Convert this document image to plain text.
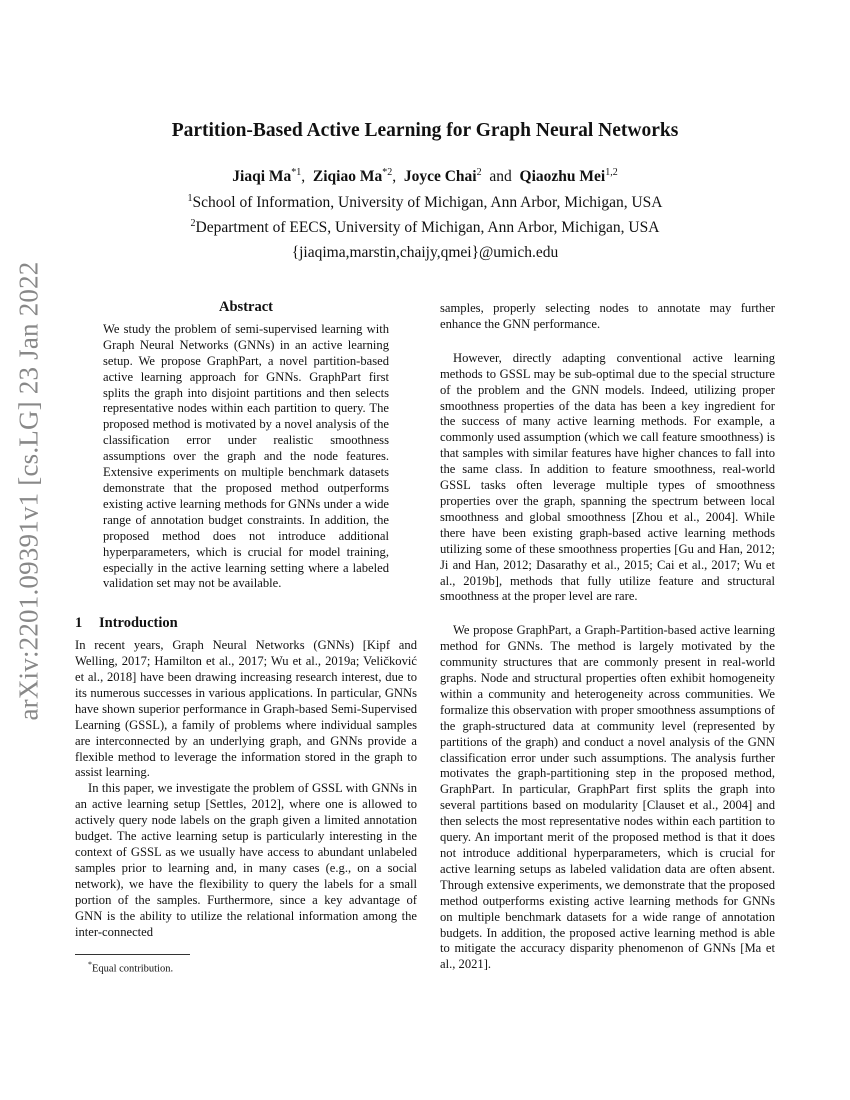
arXiv:2201.09391v1 [cs.LG] 23 Jan 2022
Partition-Based Active Learning for Graph Neural Networks
Jiaqi Ma$^{*1}$, Ziqiao Ma$^{*2}$, Joyce Chai$^2$ and Qiaozhu Mei$^{1,2}$
$^1$School of Information, University of Michigan, Ann Arbor, Michigan, USA
$^2$Department of EECS, University of Michigan, Ann Arbor, Michigan, USA
{jiaqima,marstin,chaijy,qmei}@umich.edu
Abstract

We study the problem of semi-supervised learning with Graph Neural Networks (GNNs) in an active learning setup. We propose GraphPart, a novel partition-based active learning approach for GNNs. GraphPart first splits the graph into disjoint partitions and then selects representative nodes within each partition to query. The proposed method is motivated by a novel analysis of the classification error under realistic smoothness assumptions over the graph and the node features. Extensive experiments on multiple benchmark datasets demonstrate that the proposed method outperforms existing active learning methods for GNNs under a wide range of annotation budget constraints. In addition, the proposed method does not introduce additional hyperparameters, which is crucial for model training, especially in the active learning setting where a labeled validation set may not be available.

1 Introduction

In recent years, Graph Neural Networks (GNNs) [Kipf and Welling, 2017; Hamilton et al., 2017; Wu et al., 2019a; Veličković et al., 2018] have been drawing increasing research interest, due to its numerous successes in various applications. In particular, GNNs have shown superior performance in Graph-based Semi-Supervised Learning (GSSL), a family of problems where individual samples are interconnected by an underlying graph, and GNNs provide a flexible method to leverage the information stored in the graph to assist learning.

In this paper, we investigate the problem of GSSL with GNNs in an active learning setup [Settles, 2012], where one is allowed to actively query node labels on the graph given a limited annotation budget. The active learning setup is particularly interesting in the context of GSSL as we usually have access to abundant unlabeled samples prior to learning and, in many cases (e.g., on a social network), we have the flexibility to query the labels for a small portion of the samples. Furthermore, since a key advantage of GNN is the ability to utilize the relational information among the inter-connected

*Equal contribution.

samples, properly selecting nodes to annotate may further enhance the GNN performance.

However, directly adapting conventional active learning methods to GSSL may be sub-optimal due to the special structure of the problem and the GNN models. Indeed, utilizing proper smoothness properties of the data has been a key ingredient for the success of many active learning methods. For example, a commonly used assumption (which we call feature smoothness) is that samples with similar features have higher chances to fall into the same class. In addition to feature smoothness, real-world GSSL tasks often leverage multiple types of smoothness properties over the graph, spanning the spectrum between local smoothness and global smoothness [Zhou et al., 2004]. While there have been existing graph-based active learning methods utilizing some of these smoothness properties [Gu and Han, 2012; Ji and Han, 2012; Dasarathy et al., 2015; Cai et al., 2017; Wu et al., 2019b], methods that fully utilize feature and structural smoothness at the proper level are rare.

We propose GraphPart, a Graph-Partition-based active learning method for GNNs. The method is largely motivated by the community structures that are commonly present in real-world graphs. Node and structural properties often exhibit homogeneity within a community and heterogeneity across communities. We formalize this observation with proper smoothness assumptions of the graph-structured data at community level (represented by partitions of the graph) and conduct a novel analysis of the GNN classification error under such assumptions. The analysis further motivates the graph-partitioning step in the proposed method, GraphPart. In particular, GraphPart first splits the graph into several partitions based on modularity [Clauset et al., 2004] and then selects the most representative nodes within each partition to query. An important merit of the proposed method is that it does not introduce additional hyperparameters, which is crucial for active learning setups as labeled validation data are often absent. Through extensive experiments, we demonstrate that the proposed method outperforms existing active learning methods for GNNs on multiple benchmark datasets for a wide range of annotation budgets. In addition, the proposed active learning method is able to mitigate the accuracy disparity phenomenon of GNNs [Ma et al., 2021].
